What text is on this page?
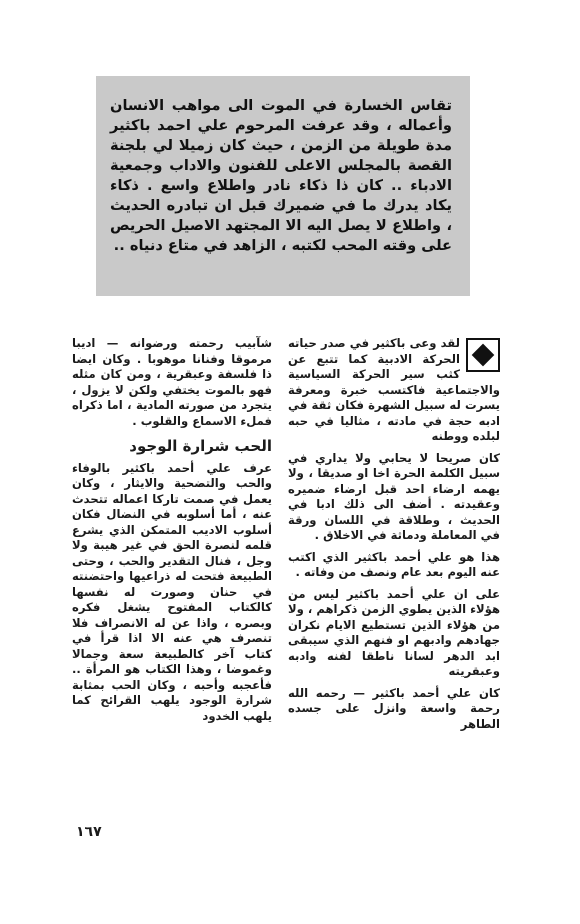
تقاس الخسارة في الموت الى مواهب الانسان وأعماله ، وقد عرفت المرحوم علي احمد باكثير مدة طويلة من الزمن ، حيث كان زميلا لي بلجنة القصة بالمجلس الاعلى للفنون والاداب وجمعية الادباء .. كان ذا ذكاء نادر واطلاع واسع . ذكاء يكاد يدرك ما في ضميرك قبل ان تبادره الحديث ، واطلاع لا يصل اليه الا المجتهد الاصيل الحريص على وقته المحب لكتبه ، الزاهد في متاع دنياه ..

لقد وعى باكثير في صدر حياته الحركة الادبية كما تتبع عن كثب سير الحركة السياسية والاجتماعية فاكتسب خبرة ومعرفة يسرت له سبيل الشهرة فكان ثقة في ادبه حجة في مادته ، مثاليا في حبه لبلده ووطنه

كان صريحا لا يحابي ولا يداري في سبيل الكلمة الحرة اخا او صديقا ، ولا يهمه ارضاء احد قبل ارضاء ضميره وعقيدته . أضف الى ذلك ادبا في الحديث ، وطلاقة في اللسان ورقة في المعاملة ودماثة في الاخلاق .

هذا هو علي أحمد باكثير الذي اكتب عنه اليوم بعد عام ونصف من وفاته .

على ان علي أحمد باكثير ليس من هؤلاء الذين يطوي الزمن ذكراهم ، ولا من هؤلاء الذين تستطيع الايام نكران جهادهم وادبهم او فنهم الذي سيبقى ابد الدهر لسانا ناطقا لفنه وادبه وعبقريته

كان علي أحمد باكثير — رحمه الله رحمة واسعة وانزل على جسده الطاهر

شآبيب رحمته ورضوانه — اديبا مرموقا وفنانا موهوبا . وكان ايضا ذا فلسفة وعبقرية ، ومن كان مثله فهو بالموت يختفي ولكن لا يزول ، يتجرد من صورته المادية ، اما ذكراه فملء الاسماع والقلوب .

الحب شرارة الوجود

عرف علي أحمد باكثير بالوفاء والحب والتضحية والايثار ، وكان يعمل في صمت تاركا اعماله تتحدث عنه ، أما أسلوبه في النضال فكان أسلوب الاديب المتمكن الذي يشرع قلمه لنصرة الحق في غير هيبة ولا وجل ، فنال التقدير والحب ، وحتى الطبيعة فتحت له ذراعيها واحتضنته في حنان وصورت له نفسها كالكتاب المفتوح يشغل فكره وبصره ، واذا عن له الانصراف فلا تنصرف هي عنه الا اذا قرأ في كتاب آخر كالطبيعة سعة وجمالا وغموضا ، وهذا الكتاب هو المرأة .. فأعجبه وأحبه ، وكان الحب بمثابة شرارة الوجود يلهب القرائح كما يلهب الخدود

١٦٧
